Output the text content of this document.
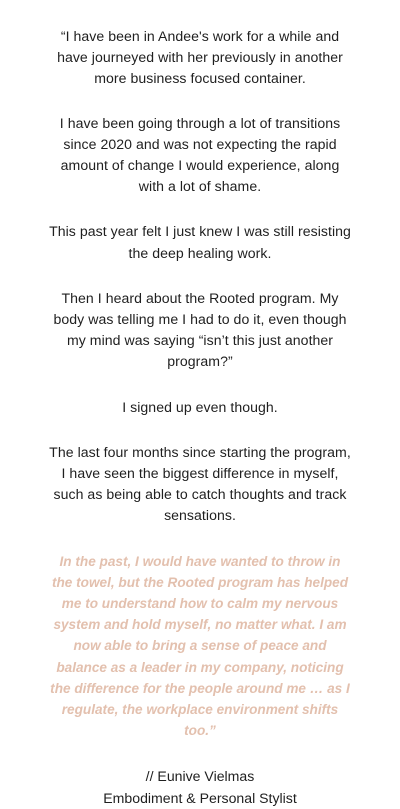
“I have been in Andee's work for a while and have journeyed with her previously in another more business focused container.

I have been going through a lot of transitions since 2020 and was not expecting the rapid amount of change I would experience, along with a lot of shame.

This past year felt I just knew I was still resisting the deep healing work.

Then I heard about the Rooted program. My body was telling me I had to do it, even though my mind was saying “isn’t this just another program?”

I signed up even though.

The last four months since starting the program, I have seen the biggest difference in myself, such as being able to catch thoughts and track sensations.

In the past, I would have wanted to throw in the towel, but the Rooted program has helped me to understand how to calm my nervous system and hold myself, no matter what. I am now able to bring a sense of peace and balance as a leader in my company, noticing the difference for the people around me … as I regulate, the workplace environment shifts too.”

// Eunive Vielmas
Embodiment & Personal Stylist
